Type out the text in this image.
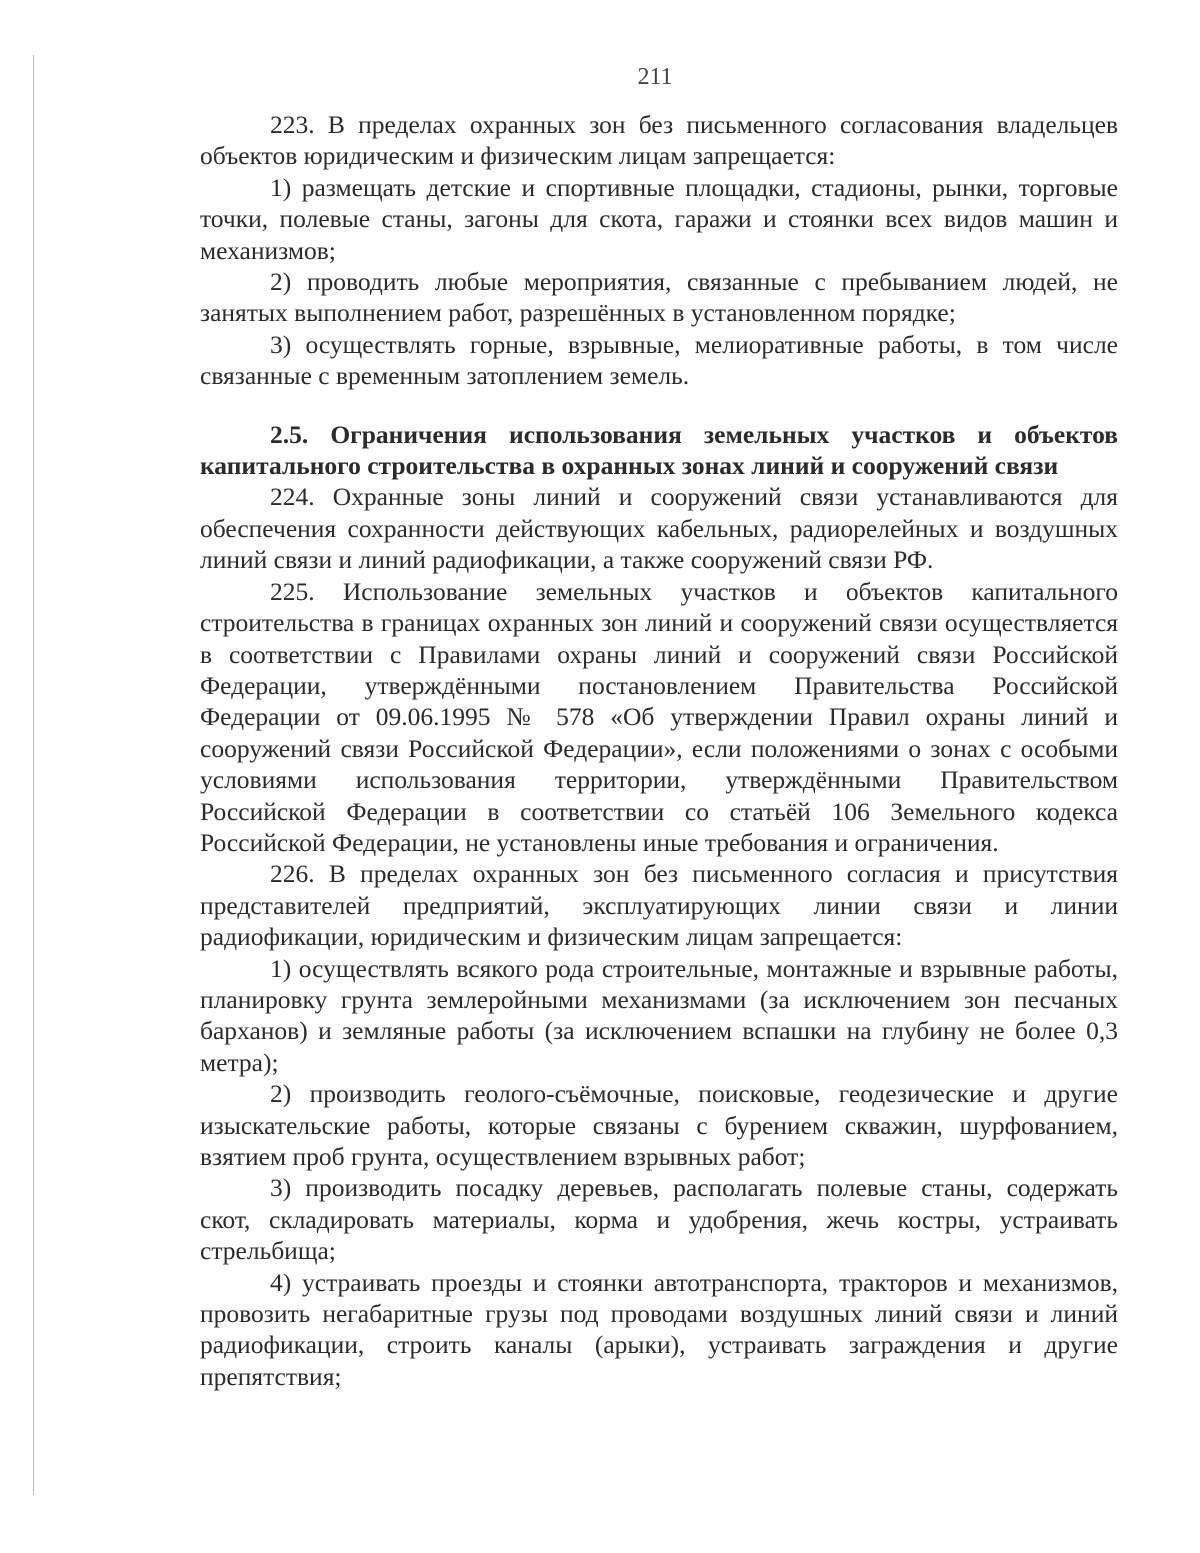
211

223. В пределах охранных зон без письменного согласования владельцев объектов юридическим и физическим лицам запрещается:

1) размещать детские и спортивные площадки, стадионы, рынки, торговые точки, полевые станы, загоны для скота, гаражи и стоянки всех видов машин и механизмов;

2) проводить любые мероприятия, связанные с пребыванием людей, не занятых выполнением работ, разрешённых в установленном порядке;

3) осуществлять горные, взрывные, мелиоративные работы, в том числе связанные с временным затоплением земель.

2.5. Ограничения использования земельных участков и объектов капитального строительства в охранных зонах линий и сооружений связи

224. Охранные зоны линий и сооружений связи устанавливаются для обеспечения сохранности действующих кабельных, радиорелейных и воздушных линий связи и линий радиофикации, а также сооружений связи РФ.

225. Использование земельных участков и объектов капитального строительства в границах охранных зон линий и сооружений связи осуществляется в соответствии с Правилами охраны линий и сооружений связи Российской Федерации, утверждёнными постановлением Правительства Российской Федерации от 09.06.1995 № 578 «Об утверждении Правил охраны линий и сооружений связи Российской Федерации», если положениями о зонах с особыми условиями использования территории, утверждёнными Правительством Российской Федерации в соответствии со статьёй 106 Земельного кодекса Российской Федерации, не установлены иные требования и ограничения.

226. В пределах охранных зон без письменного согласия и присутствия представителей предприятий, эксплуатирующих линии связи и линии радиофикации, юридическим и физическим лицам запрещается:

1) осуществлять всякого рода строительные, монтажные и взрывные работы, планировку грунта землеройными механизмами (за исключением зон песчаных барханов) и земляные работы (за исключением вспашки на глубину не более 0,3 метра);

2) производить геолого-съёмочные, поисковые, геодезические и другие изыскательские работы, которые связаны с бурением скважин, шурфованием, взятием проб грунта, осуществлением взрывных работ;

3) производить посадку деревьев, располагать полевые станы, содержать скот, складировать материалы, корма и удобрения, жечь костры, устраивать стрельбища;

4) устраивать проезды и стоянки автотранспорта, тракторов и механизмов, провозить негабаритные грузы под проводами воздушных линий связи и линий радиофикации, строить каналы (арыки), устраивать заграждения и другие препятствия;
